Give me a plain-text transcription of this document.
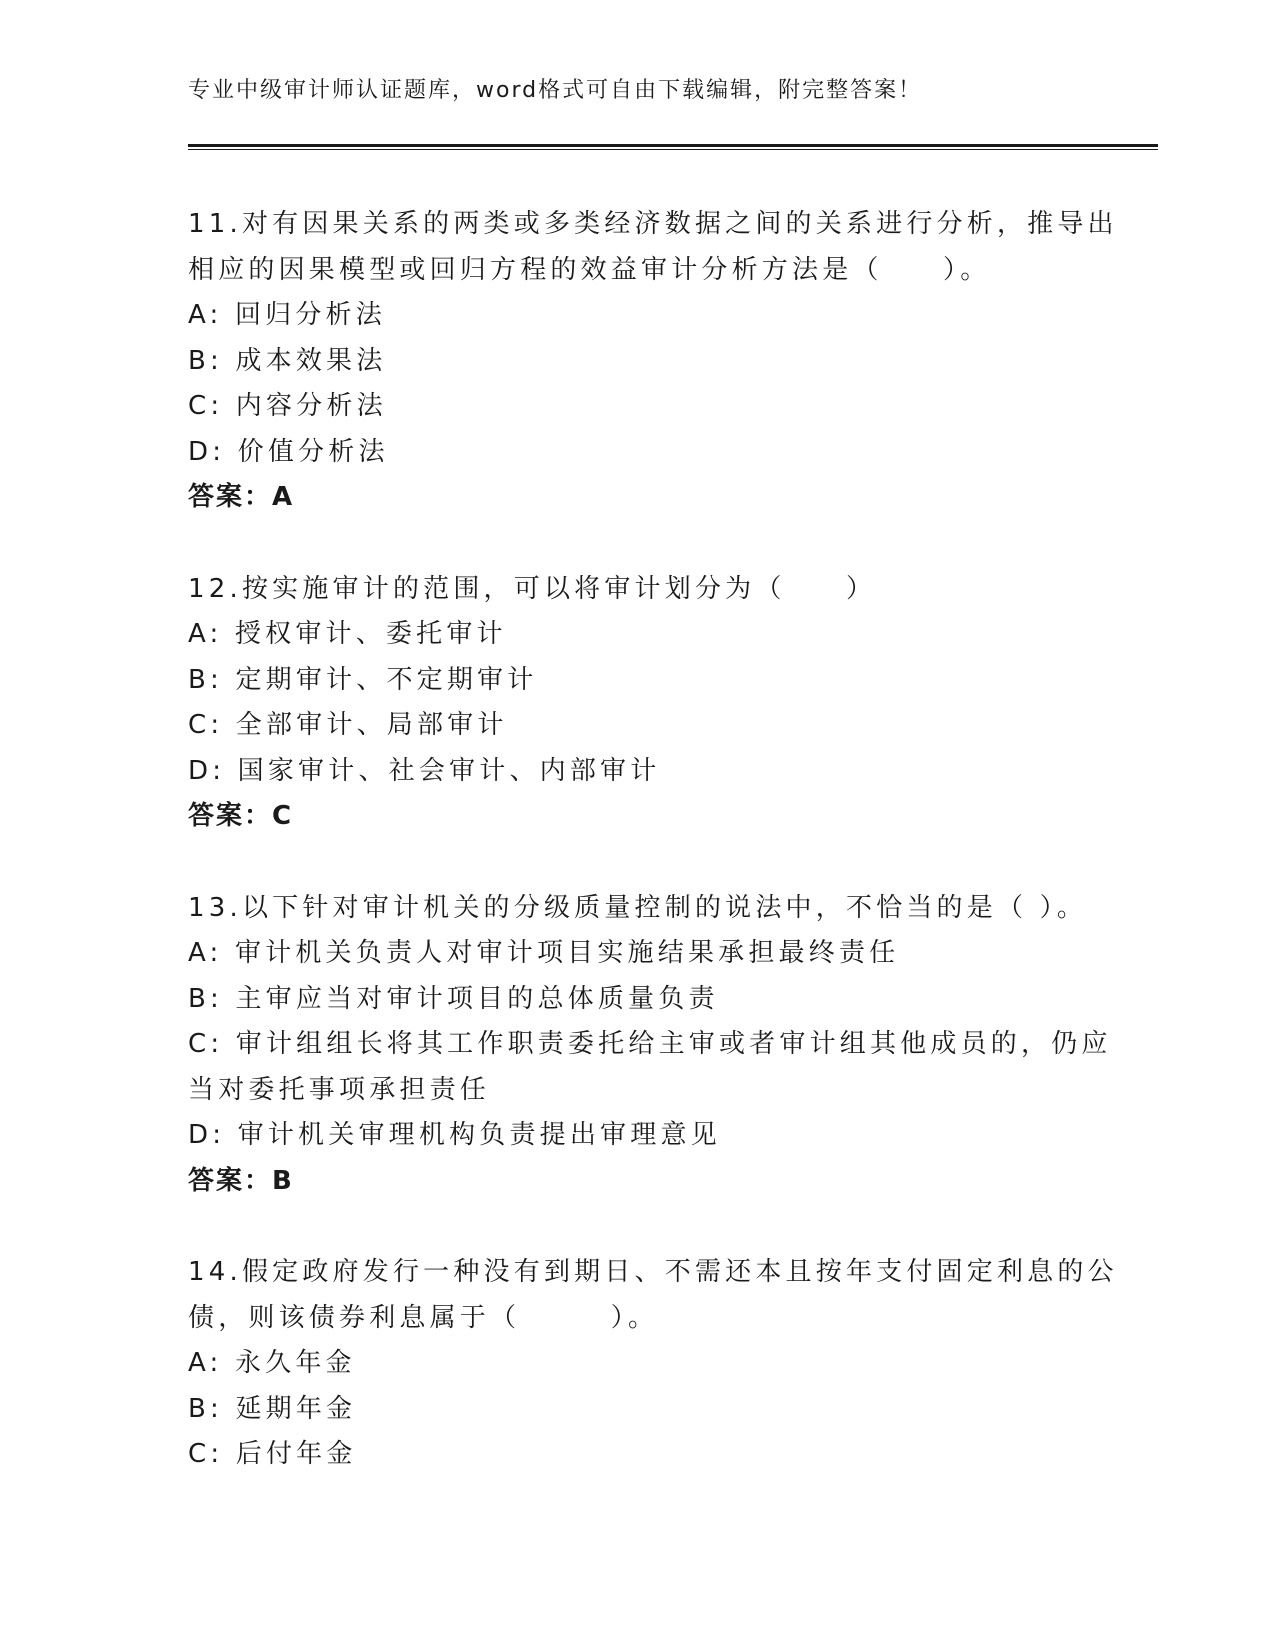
专业中级审计师认证题库，word格式可自由下载编辑，附完整答案！

11.对有因果关系的两类或多类经济数据之间的关系进行分析，推导出

相应的因果模型或回归方程的效益审计分析方法是（　　）。

A: 回归分析法

B: 成本效果法

C: 内容分析法

D: 价值分析法

答案：A

12.按实施审计的范围，可以将审计划分为（　　）

A: 授权审计、委托审计

B: 定期审计、不定期审计

C: 全部审计、局部审计

D: 国家审计、社会审计、内部审计

答案：C

13.以下针对审计机关的分级质量控制的说法中，不恰当的是（ ）。

A: 审计机关负责人对审计项目实施结果承担最终责任

B: 主审应当对审计项目的总体质量负责

C: 审计组组长将其工作职责委托给主审或者审计组其他成员的，仍应

当对委托事项承担责任

D: 审计机关审理机构负责提出审理意见

答案：B

14.假定政府发行一种没有到期日、不需还本且按年支付固定利息的公

债，则该债券利息属于（　　　）。

A: 永久年金

B: 延期年金

C: 后付年金
